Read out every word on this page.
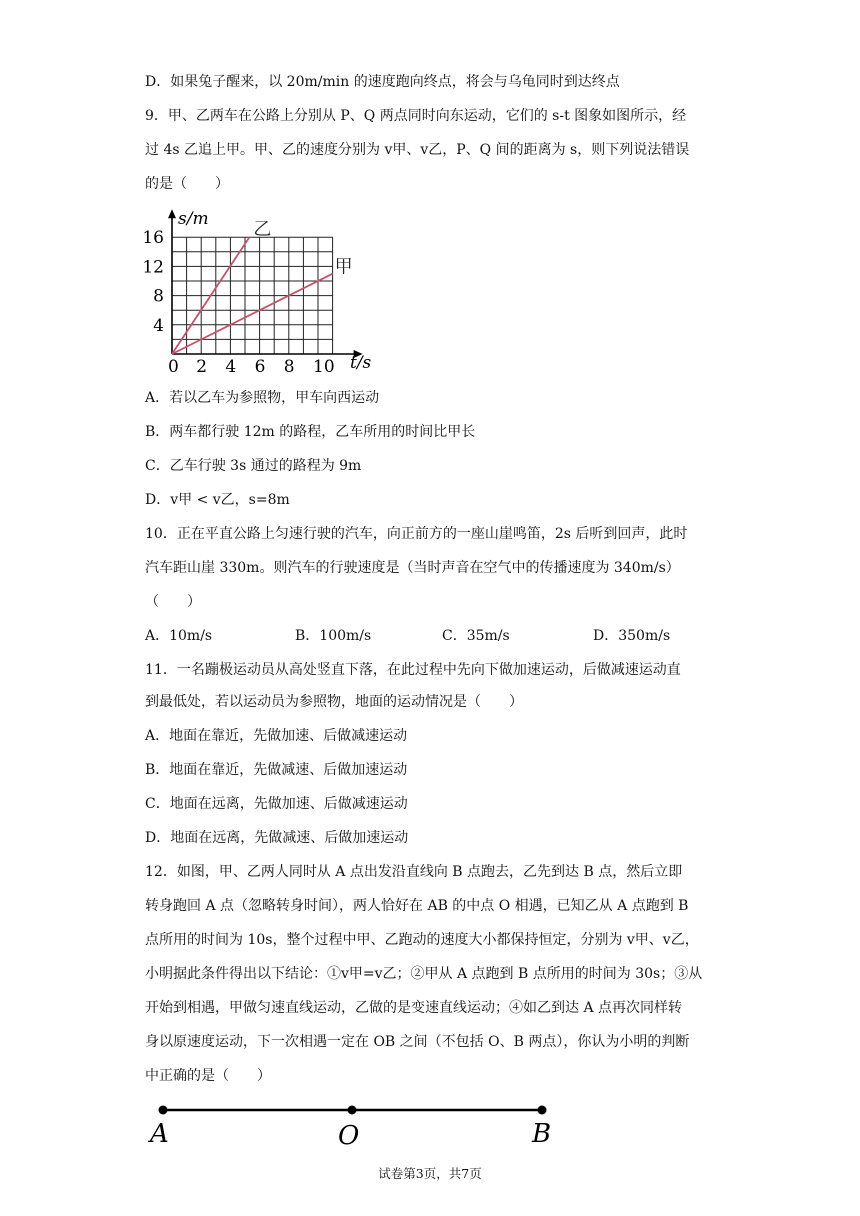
D．如果兔子醒来，以 20m/min 的速度跑向终点，将会与乌龟同时到达终点
9．甲、乙两车在公路上分别从 P、Q 两点同时向东运动，它们的 s-t 图象如图所示，经
过 4s 乙追上甲。甲、乙的速度分别为 v甲、v乙，P、Q 间的距离为 s，则下列说法错误
的是（　　）
0 2 4 6 8 10
4
8
12
16	乙
甲
s/m
t/s
A．若以乙车为参照物，甲车向西运动
B．两车都行驶 12m 的路程，乙车所用的时间比甲长
C．乙车行驶 3s 通过的路程为 9m
D．v甲 < v乙，s=8m
10．正在平直公路上匀速行驶的汽车，向正前方的一座山崖鸣笛，2s 后听到回声，此时
汽车距山崖 330m。则汽车的行驶速度是（当时声音在空气中的传播速度为 340m/s）
（　　）
A．10m/s	B．100m/s	C．35m/s	D．350m/s
11．一名蹦极运动员从高处竖直下落，在此过程中先向下做加速运动，后做减速运动直
到最低处，若以运动员为参照物，地面的运动情况是（　　）
A．地面在靠近，先做加速、后做减速运动
B．地面在靠近，先做减速、后做加速运动
C．地面在远离，先做加速、后做减速运动
D．地面在远离，先做减速、后做加速运动
12．如图，甲、乙两人同时从 A 点出发沿直线向 B 点跑去，乙先到达 B 点，然后立即
转身跑回 A 点（忽略转身时间），两人恰好在 AB 的中点 O 相遇，已知乙从 A 点跑到 B
点所用的时间为 10s，整个过程中甲、乙跑动的速度大小都保持恒定，分别为 v甲、v乙，
小明据此条件得出以下结论：①v甲=v乙；②甲从 A 点跑到 B 点所用的时间为 30s；③从
开始到相遇，甲做匀速直线运动，乙做的是变速直线运动；④如乙到达 A 点再次同样转
身以原速度运动，下一次相遇一定在 OB 之间（不包括 O、B 两点），你认为小明的判断
中正确的是（　　）
A	O	B
试卷第3页，共7页
